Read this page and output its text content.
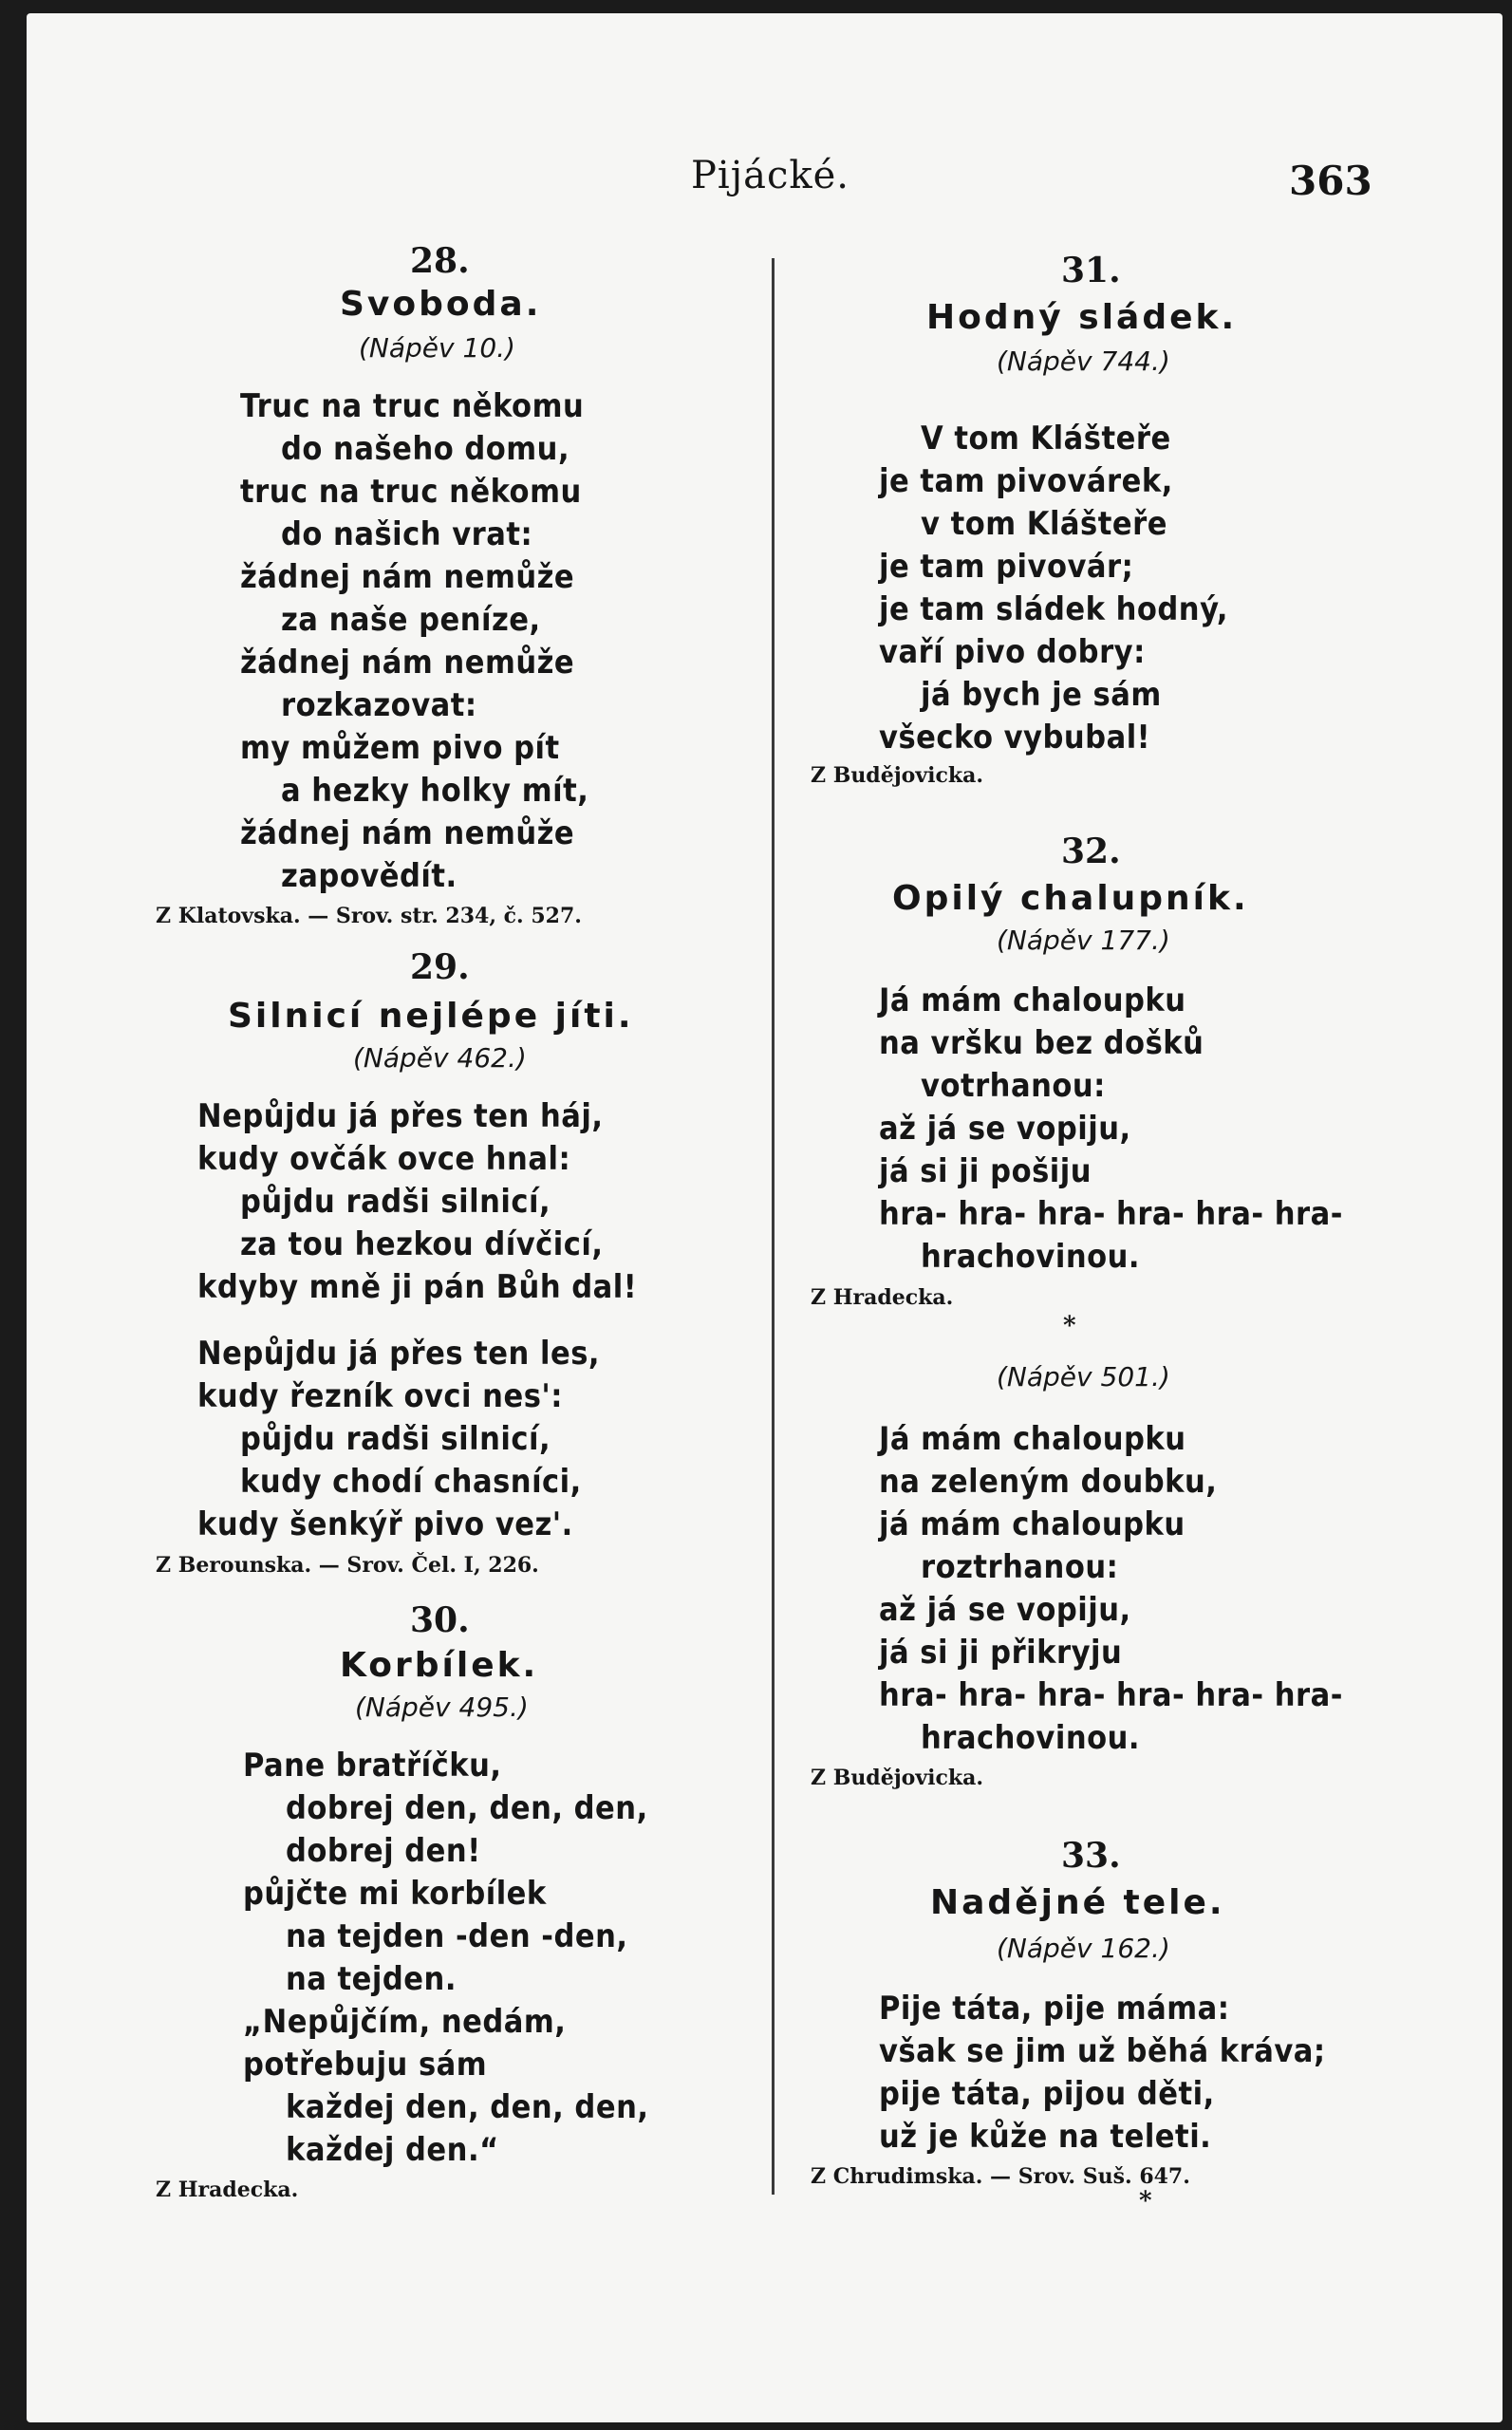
Pijácké.	363
28.
Svoboda.
(Nápěv 10.)
Truc na truc někomu
do našeho domu,
truc na truc někomu
do našich vrat:
žádnej nám nemůže
za naše peníze,
žádnej nám nemůže
rozkazovat:
my můžem pivo pít
a hezky holky mít,
žádnej nám nemůže
zapovědít.
Z Klatovska. — Srov. str. 234, č. 527.
29.
Silnicí nejlépe jíti.
(Nápěv 462.)
Nepůjdu já přes ten háj,
kudy ovčák ovce hnal:
půjdu radši silnicí,
za tou hezkou dívčicí,
kdyby mně ji pán Bůh dal!
Nepůjdu já přes ten les,
kudy řezník ovci nes':
půjdu radši silnicí,
kudy chodí chasníci,
kudy šenkýř pivo vez'.
Z Berounska. — Srov. Čel. I, 226.
30.
Korbílek.
(Nápěv 495.)
Pane bratříčku,
dobrej den, den, den,
dobrej den!
půjčte mi korbílek
na tejden -den -den,
na tejden.
„Nepůjčím, nedám,
potřebuju sám
každej den, den, den,
každej den.“
Z Hradecka.
31.
Hodný sládek.
(Nápěv 744.)
V tom Klášteře
je tam pivovárek,
v tom Klášteře
je tam pivovár;
je tam sládek hodný,
vaří pivo dobry:
já bych je sám
všecko vybubal!
Z Budějovicka.
32.
Opilý chalupník.
(Nápěv 177.)
Já mám chaloupku
na vršku bez došků
votrhanou:
až já se vopiju,
já si ji pošiju
hra- hra- hra- hra- hra- hra-
hrachovinou.
Z Hradecka.
*
(Nápěv 501.)
Já mám chaloupku
na zeleným doubku,
já mám chaloupku
roztrhanou:
až já se vopiju,
já si ji přikryju
hra- hra- hra- hra- hra- hra-
hrachovinou.
Z Budějovicka.
33.
Nadějné tele.
(Nápěv 162.)
Pije táta, pije máma:
však se jim už běhá kráva;
pije táta, pijou děti,
už je kůže na teleti.
Z Chrudimska. — Srov. Suš. 647.
*
